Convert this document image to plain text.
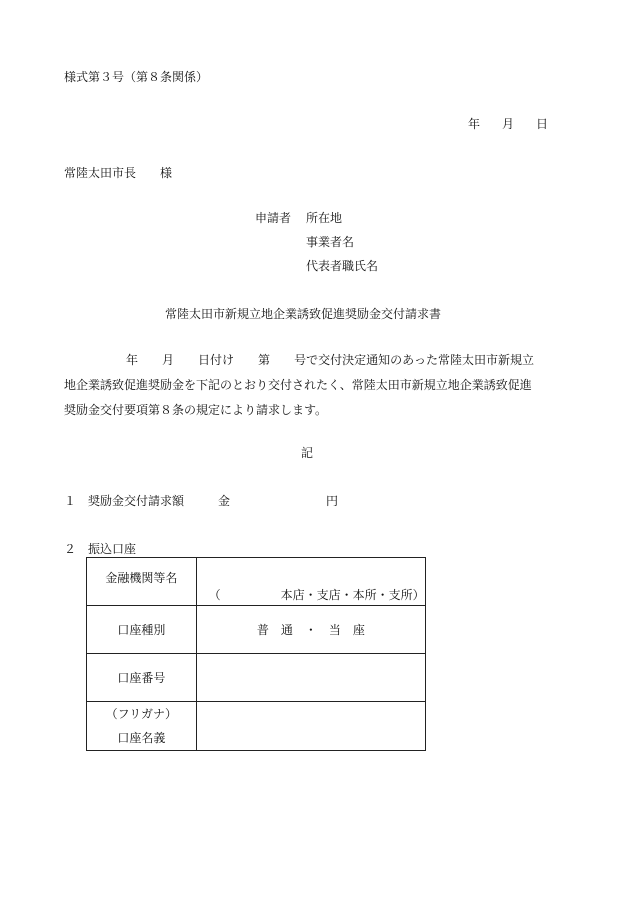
様式第３号（第８条関係）
年 月 日
常陸太田市長　　様
申請者 所在地
事業者名
代表者職氏名
常陸太田市新規立地企業誘致促進奨励金交付請求書
年 月 日付け 第 号で交付決定通知のあった常陸太田市新規立
地企業誘致促進奨励金を下記のとおり交付されたく、常陸太田市新規立地企業誘致促進
奨励金交付要項第８条の規定により請求します。
記
１ 奨励金交付請求額	金	円
２ 振込口座
金融機関等名	（　　　　　本店・支店・本所・支所）
口座種別	普　通　・　当　座
口座番号	

（フリガナ）
口座名義	
